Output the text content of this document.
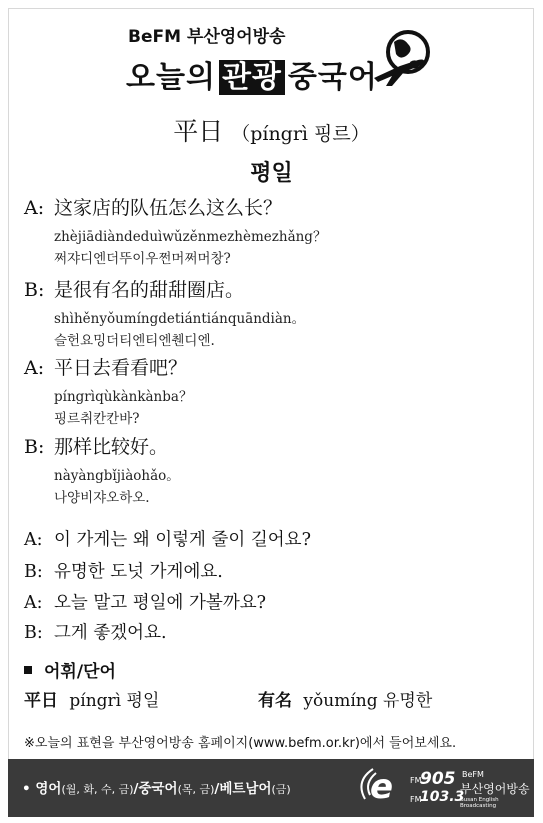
BeFM 부산영어방송
오늘의 관광 중국어
平日 （píngrì 핑르）
평일
A: 这家店的队伍怎么这么长？
zhèjiādiàndeduìwǔzěnmezhèmezhǎng？
쩌쟈디엔더뚜이우쩐머쩌머창?
B: 是很有名的甜甜圈店。
shìhěnyǒumíngdetiántiánquāndiàn。
슬헌요밍더티엔티엔췐디엔.
A: 平日去看看吧？
píngrìqùkànkànba？
핑르취칸칸바?
B: 那样比较好。
nàyàngbǐjiàohǎo。
나양비쟈오하오.
A: 이 가게는 왜 이렇게 줄이 길어요?
B: 유명한 도넛 가게에요.
A: 오늘 말고 평일에 가볼까요?
B: 그게 좋겠어요.
어휘/단어
平日 píngrì 평일	有名 yǒumíng 유명한
※오늘의 표현을 부산영어방송 홈페이지(www.befm.or.kr)에서 들어보세요.
• 영어(월, 화, 수, 금)/중국어(목, 금)/베트남어(금) e FM
905
FM
103.3
BeFM
부산영어방송
Busan English Broadcasting
